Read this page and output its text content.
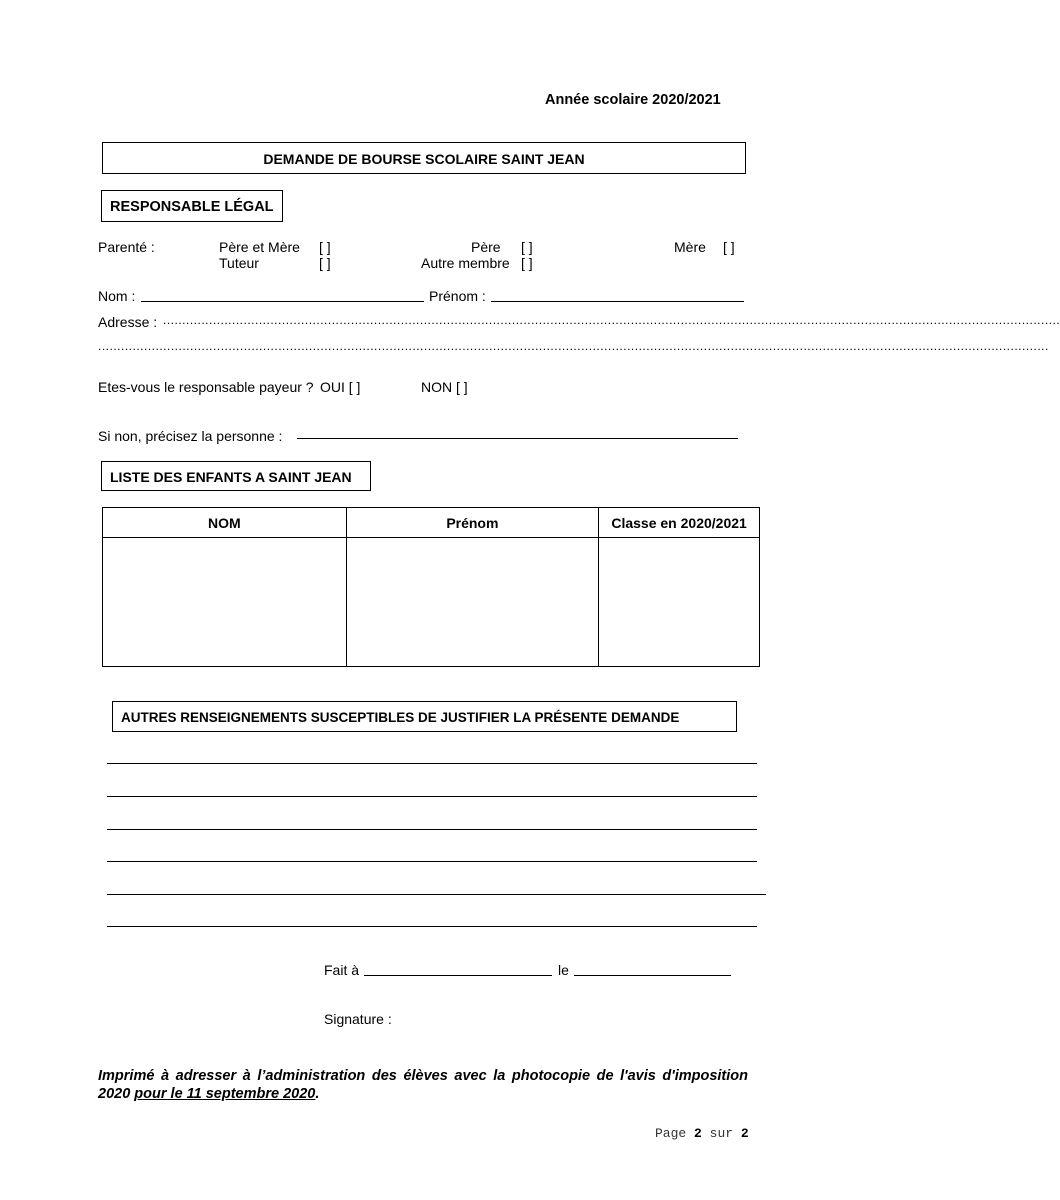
Année scolaire 2020/2021
DEMANDE DE BOURSE SCOLAIRE SAINT JEAN
RESPONSABLE LÉGAL
Parenté :	Père et Mère [ ]	Père [ ]	Mère [ ]
Tuteur	[ ]	Autre membre [ ]
Nom :	Prénom :
Adresse : ..........................................................................................................................................................................................................................................
........................................................................................................................................................................................................................................................
Etes-vous le responsable payeur ? OUI [ ]	NON [ ]
Si non, précisez la personne :
LISTE DES ENFANTS A SAINT JEAN
NOM	Prénom	Classe en 2020/2021

AUTRES RENSEIGNEMENTS SUSCEPTIBLES DE JUSTIFIER LA PRÉSENTE DEMANDE
Fait à	le
Signature :
Imprimé à adresser à l’administration des élèves avec la photocopie de l'avis d'imposition 2020 pour le 11 septembre 2020.
Page 2 sur 2
